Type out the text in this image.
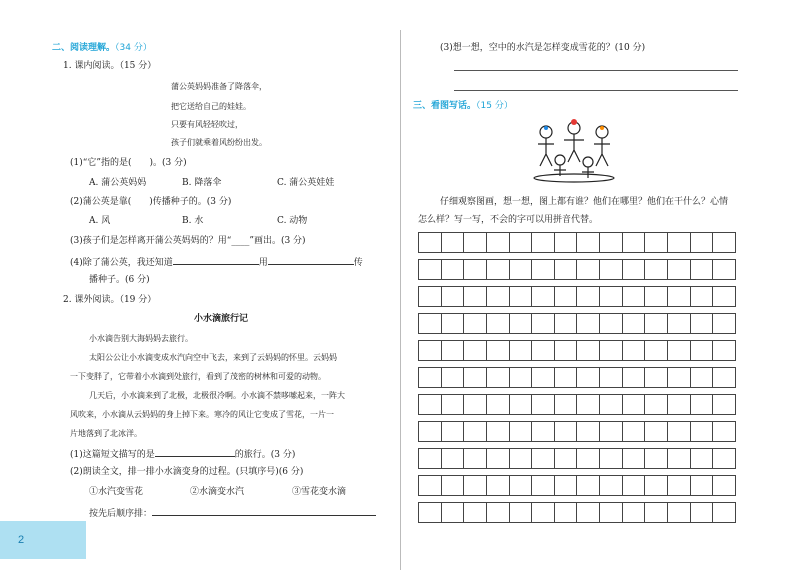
二、阅读理解。（34 分）
1. 课内阅读。（15 分）
蒲公英妈妈准备了降落伞，
把它送给自己的娃娃。
只要有风轻轻吹过，
孩子们就乘着风纷纷出发。
(1)“它”指的是(　　)。(3 分)
A. 蒲公英妈妈	B. 降落伞	C. 蒲公英娃娃
(2)蒲公英是靠(　　)传播种子的。(3 分)
A. 风	B. 水	C. 动物
(3)孩子们是怎样离开蒲公英妈妈的？用“____”画出。(3 分)
(4)除了蒲公英，我还知道	用	传
播种子。(6 分)
2. 课外阅读。（19 分）
小水滴旅行记
小水滴告别大海妈妈去旅行。
太阳公公让小水滴变成水汽向空中飞去，来到了云妈妈的怀里。云妈妈
一下变胖了，它带着小水滴到处旅行，看到了茂密的树林和可爱的动物。
几天后，小水滴来到了北极，北极很冷啊。小水滴不禁哆嗦起来，一阵大
风吹来，小水滴从云妈妈的身上掉下来。寒冷的风让它变成了雪花，一片一
片地落到了北冰洋。
(1)这篇短文描写的是	的旅行。(3 分)
(2)朗读全文，排一排小水滴变身的过程。(只填序号)(6 分)
①水汽变雪花	②水滴变水汽	③雪花变水滴
按先后顺序排：
(3)想一想，空中的水汽是怎样变成雪花的？(10 分)
三、看图写话。（15 分）
仔细观察图画，想一想，图上都有谁？他们在哪里？他们在干什么？心情
怎么样？写一写，不会的字可以用拼音代替。
2
